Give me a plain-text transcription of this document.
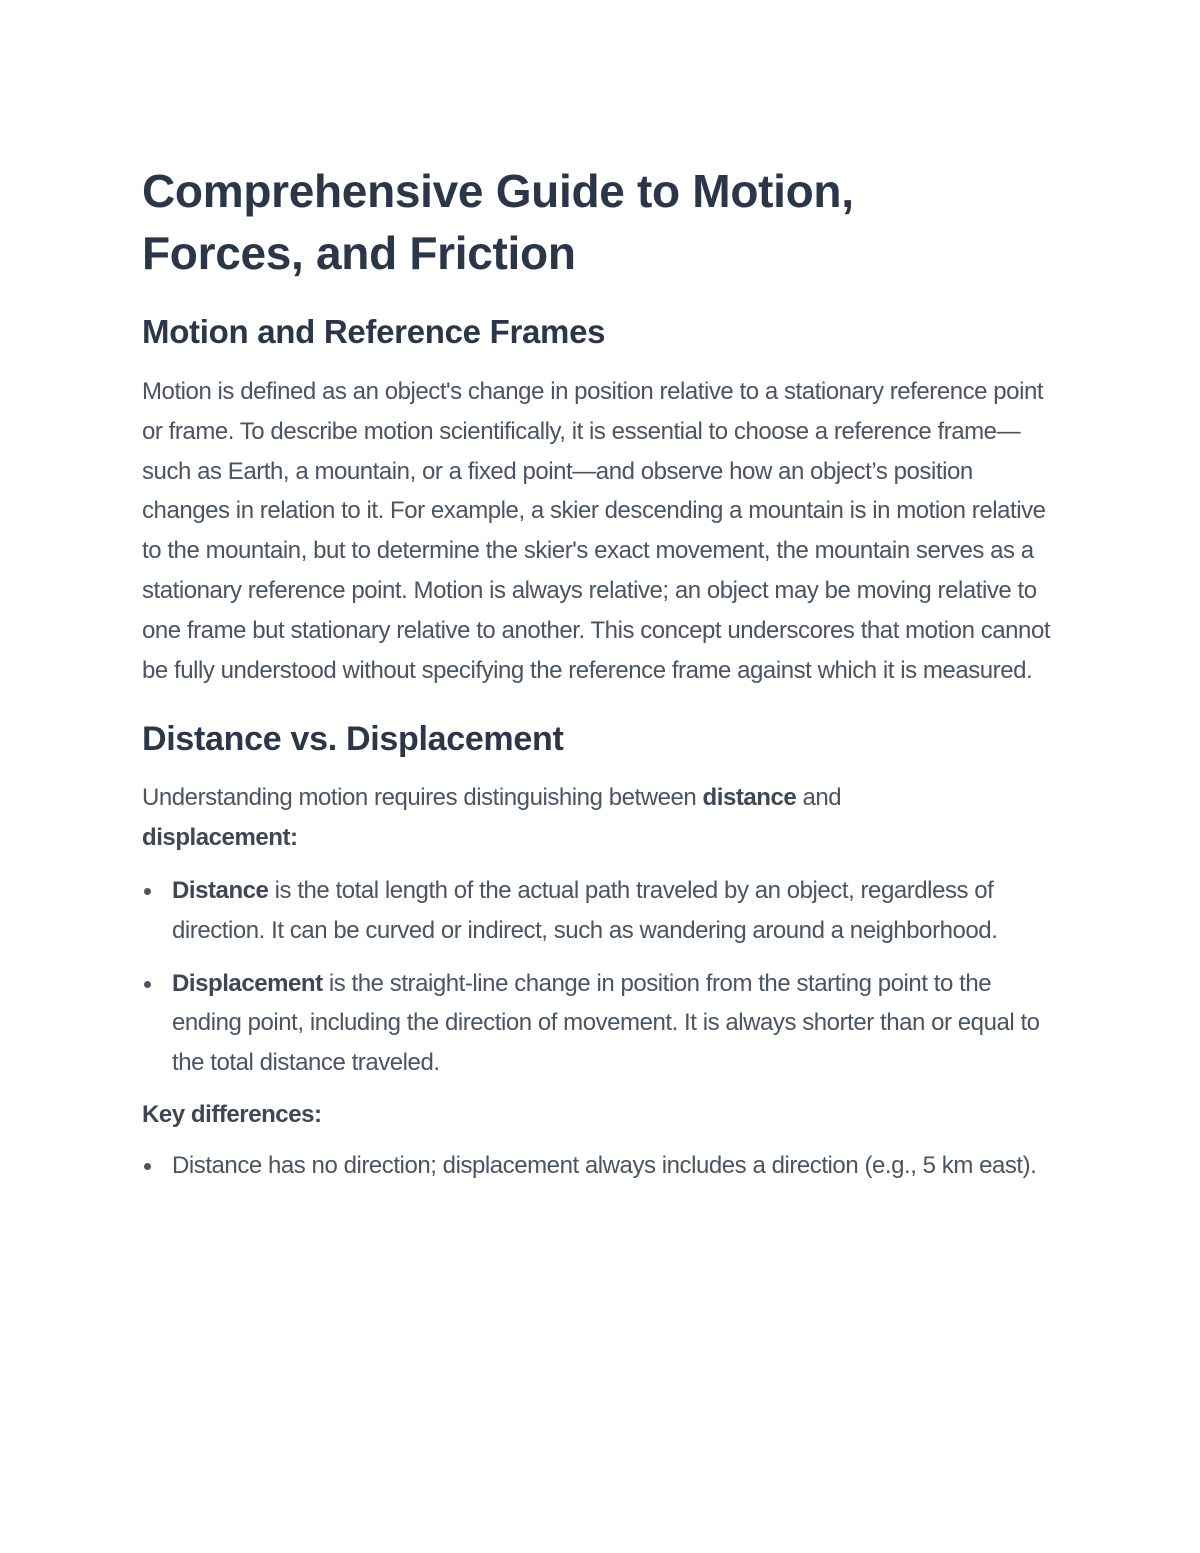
Comprehensive Guide to Motion,
Forces, and Friction
Motion and Reference Frames

Motion is defined as an object's change in position relative to a stationary reference point or frame. To describe motion scientifically, it is essential to choose a reference frame—such as Earth, a mountain, or a fixed point—and observe how an object’s position changes in relation to it. For example, a skier descending a mountain is in motion relative to the mountain, but to determine the skier's exact movement, the mountain serves as a stationary reference point. Motion is always relative; an object may be moving relative to one frame but stationary relative to another. This concept underscores that motion cannot be fully understood without specifying the reference frame against which it is measured.

Distance vs. Displacement

Understanding motion requires distinguishing between distance and
displacement:

Distance is the total length of the actual path traveled by an object, regardless of direction. It can be curved or indirect, such as wandering around a neighborhood.
Displacement is the straight-line change in position from the starting point to the ending point, including the direction of movement. It is always shorter than or equal to the total distance traveled.

Key differences:

Distance has no direction; displacement always includes a direction (e.g., 5 km east).
